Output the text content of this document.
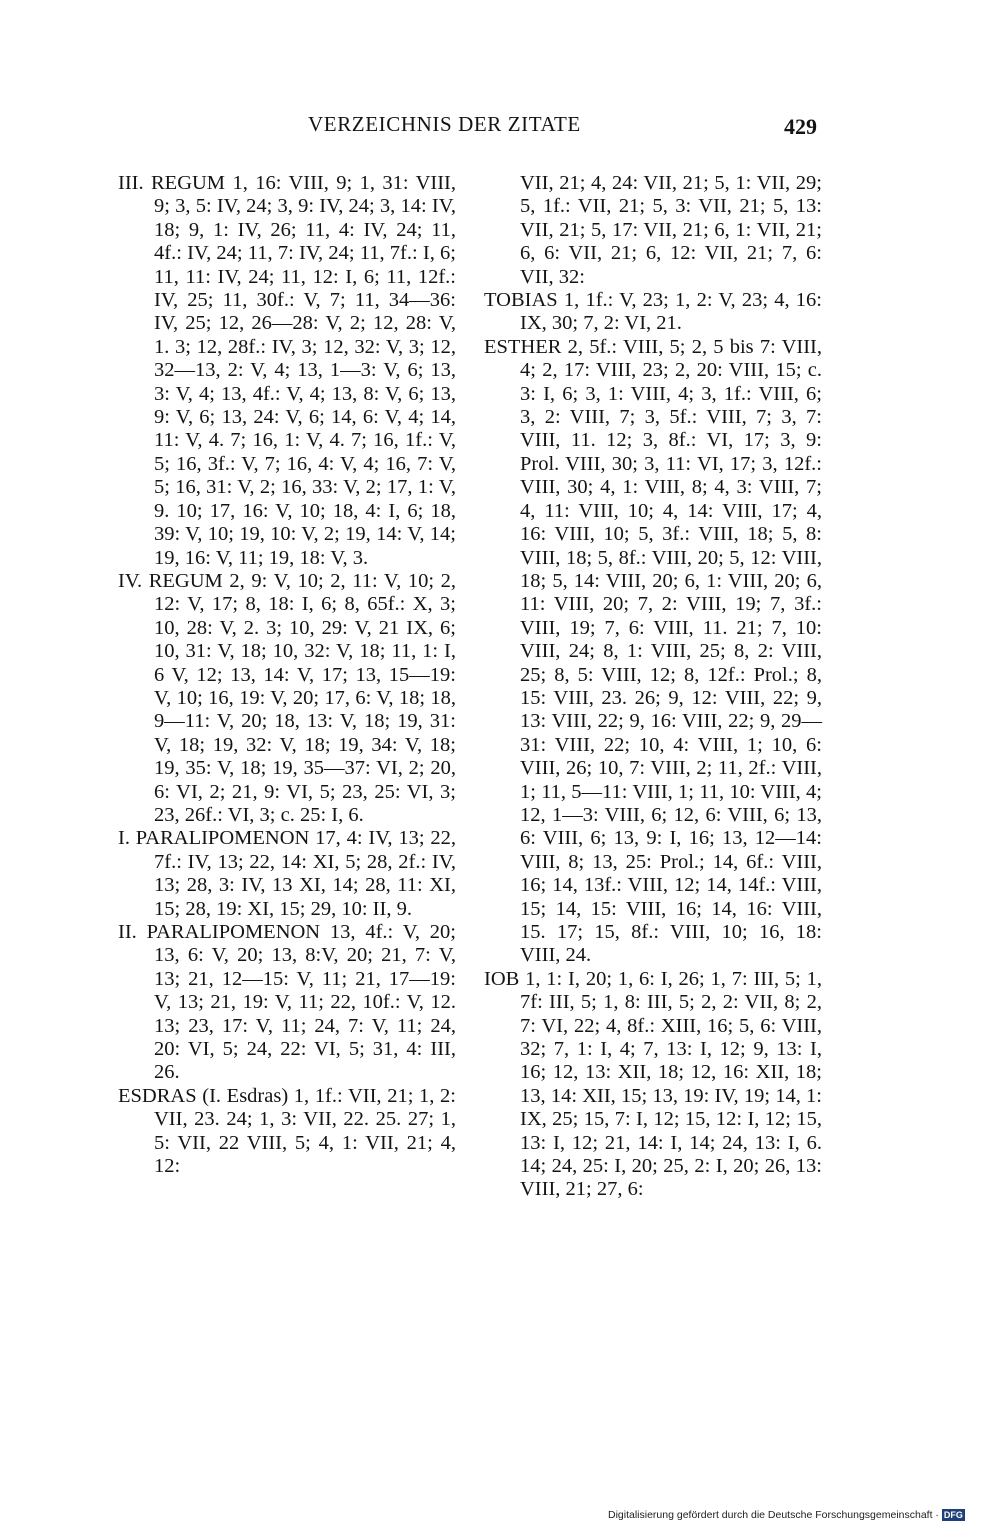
VERZEICHNIS DER ZITATE	429

III. REGUM 1, 16: VIII, 9; 1, 31: VIII, 9; 3, 5: IV, 24; 3, 9: IV, 24; 3, 14: IV, 18; 9, 1: IV, 26; 11, 4: IV, 24; 11, 4f.: IV, 24; 11, 7: IV, 24; 11, 7f.: I, 6; 11, 11: IV, 24; 11, 12: I, 6; 11, 12f.: IV, 25; 11, 30f.: V, 7; 11, 34—36: IV, 25; 12, 26—28: V, 2; 12, 28: V, 1. 3; 12, 28f.: IV, 3; 12, 32: V, 3; 12, 32—13, 2: V, 4; 13, 1—3: V, 6; 13, 3: V, 4; 13, 4f.: V, 4; 13, 8: V, 6; 13, 9: V, 6; 13, 24: V, 6; 14, 6: V, 4; 14, 11: V, 4. 7; 16, 1: V, 4. 7; 16, 1f.: V, 5; 16, 3f.: V, 7; 16, 4: V, 4; 16, 7: V, 5; 16, 31: V, 2; 16, 33: V, 2; 17, 1: V, 9. 10; 17, 16: V, 10; 18, 4: I, 6; 18, 39: V, 10; 19, 10: V, 2; 19, 14: V, 14; 19, 16: V, 11; 19, 18: V, 3.

IV. REGUM 2, 9: V, 10; 2, 11: V, 10; 2, 12: V, 17; 8, 18: I, 6; 8, 65f.: X, 3; 10, 28: V, 2. 3; 10, 29: V, 21 IX, 6; 10, 31: V, 18; 10, 32: V, 18; 11, 1: I, 6 V, 12; 13, 14: V, 17; 13, 15—19: V, 10; 16, 19: V, 20; 17, 6: V, 18; 18, 9—11: V, 20; 18, 13: V, 18; 19, 31: V, 18; 19, 32: V, 18; 19, 34: V, 18; 19, 35: V, 18; 19, 35—37: VI, 2; 20, 6: VI, 2; 21, 9: VI, 5; 23, 25: VI, 3; 23, 26f.: VI, 3; c. 25: I, 6.

I. PARALIPOMENON 17, 4: IV, 13; 22, 7f.: IV, 13; 22, 14: XI, 5; 28, 2f.: IV, 13; 28, 3: IV, 13 XI, 14; 28, 11: XI, 15; 28, 19: XI, 15; 29, 10: II, 9.

II. PARALIPOMENON 13, 4f.: V, 20; 13, 6: V, 20; 13, 8:V, 20; 21, 7: V, 13; 21, 12—15: V, 11; 21, 17—19: V, 13; 21, 19: V, 11; 22, 10f.: V, 12. 13; 23, 17: V, 11; 24, 7: V, 11; 24, 20: VI, 5; 24, 22: VI, 5; 31, 4: III, 26.

ESDRAS (I. Esdras) 1, 1f.: VII, 21; 1, 2: VII, 23. 24; 1, 3: VII, 22. 25. 27; 1, 5: VII, 22 VIII, 5; 4, 1: VII, 21; 4, 12:

VII, 21; 4, 24: VII, 21; 5, 1: VII, 29; 5, 1f.: VII, 21; 5, 3: VII, 21; 5, 13: VII, 21; 5, 17: VII, 21; 6, 1: VII, 21; 6, 6: VII, 21; 6, 12: VII, 21; 7, 6: VII, 32:

TOBIAS 1, 1f.: V, 23; 1, 2: V, 23; 4, 16: IX, 30; 7, 2: VI, 21.

ESTHER 2, 5f.: VIII, 5; 2, 5 bis 7: VIII, 4; 2, 17: VIII, 23; 2, 20: VIII, 15; c. 3: I, 6; 3, 1: VIII, 4; 3, 1f.: VIII, 6; 3, 2: VIII, 7; 3, 5f.: VIII, 7; 3, 7: VIII, 11. 12; 3, 8f.: VI, 17; 3, 9: Prol. VIII, 30; 3, 11: VI, 17; 3, 12f.: VIII, 30; 4, 1: VIII, 8; 4, 3: VIII, 7; 4, 11: VIII, 10; 4, 14: VIII, 17; 4, 16: VIII, 10; 5, 3f.: VIII, 18; 5, 8: VIII, 18; 5, 8f.: VIII, 20; 5, 12: VIII, 18; 5, 14: VIII, 20; 6, 1: VIII, 20; 6, 11: VIII, 20; 7, 2: VIII, 19; 7, 3f.: VIII, 19; 7, 6: VIII, 11. 21; 7, 10: VIII, 24; 8, 1: VIII, 25; 8, 2: VIII, 25; 8, 5: VIII, 12; 8, 12f.: Prol.; 8, 15: VIII, 23. 26; 9, 12: VIII, 22; 9, 13: VIII, 22; 9, 16: VIII, 22; 9, 29—31: VIII, 22; 10, 4: VIII, 1; 10, 6: VIII, 26; 10, 7: VIII, 2; 11, 2f.: VIII, 1; 11, 5—11: VIII, 1; 11, 10: VIII, 4; 12, 1—3: VIII, 6; 12, 6: VIII, 6; 13, 6: VIII, 6; 13, 9: I, 16; 13, 12—14: VIII, 8; 13, 25: Prol.; 14, 6f.: VIII, 16; 14, 13f.: VIII, 12; 14, 14f.: VIII, 15; 14, 15: VIII, 16; 14, 16: VIII, 15. 17; 15, 8f.: VIII, 10; 16, 18: VIII, 24.

IOB 1, 1: I, 20; 1, 6: I, 26; 1, 7: III, 5; 1, 7f: III, 5; 1, 8: III, 5; 2, 2: VII, 8; 2, 7: VI, 22; 4, 8f.: XIII, 16; 5, 6: VIII, 32; 7, 1: I, 4; 7, 13: I, 12; 9, 13: I, 16; 12, 13: XII, 18; 12, 16: XII, 18; 13, 14: XII, 15; 13, 19: IV, 19; 14, 1: IX, 25; 15, 7: I, 12; 15, 12: I, 12; 15, 13: I, 12; 21, 14: I, 14; 24, 13: I, 6. 14; 24, 25: I, 20; 25, 2: I, 20; 26, 13: VIII, 21; 27, 6:

Digitalisierung gefördert durch die Deutsche Forschungsgemeinschaft · DFG
